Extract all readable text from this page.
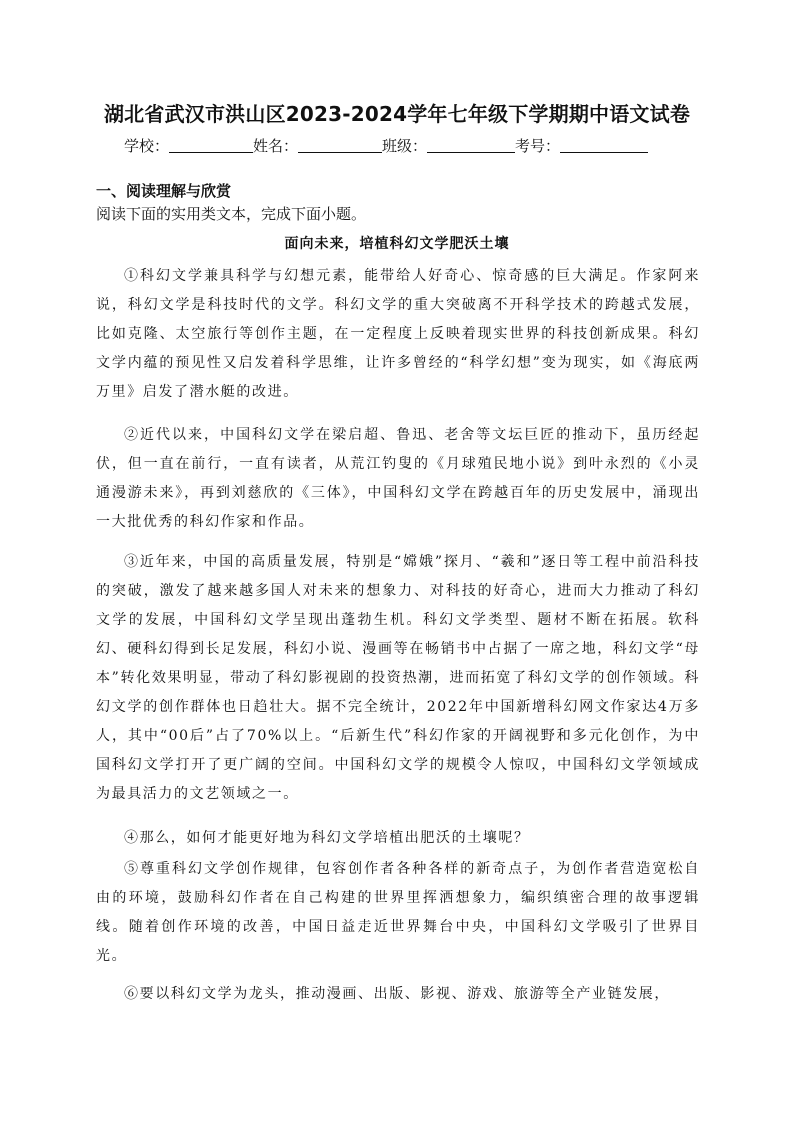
湖北省武汉市洪山区2023-2024学年七年级下学期期中语文试卷
学校：	姓名：	班级：	考号：
一、阅读理解与欣赏
阅读下面的实用类文本，完成下面小题。
面向未来，培植科幻文学肥沃土壤

①科幻文学兼具科学与幻想元素，能带给人好奇心、惊奇感的巨大满足。作家阿来说，科幻文学是科技时代的文学。科幻文学的重大突破离不开科学技术的跨越式发展，比如克隆、太空旅行等创作主题，在一定程度上反映着现实世界的科技创新成果。科幻文学内蕴的预见性又启发着科学思维，让许多曾经的“科学幻想”变为现实，如《海底两万里》启发了潜水艇的改进。

②近代以来，中国科幻文学在梁启超、鲁迅、老舍等文坛巨匠的推动下，虽历经起伏，但一直在前行，一直有读者，从荒江钓叟的《月球殖民地小说》到叶永烈的《小灵通漫游未来》，再到刘慈欣的《三体》，中国科幻文学在跨越百年的历史发展中，涌现出一大批优秀的科幻作家和作品。

③近年来，中国的高质量发展，特别是“嫦娥”探月、“羲和”逐日等工程中前沿科技的突破，激发了越来越多国人对未来的想象力、对科技的好奇心，进而大力推动了科幻文学的发展，中国科幻文学呈现出蓬勃生机。科幻文学类型、题材不断在拓展。软科幻、硬科幻得到长足发展，科幻小说、漫画等在畅销书中占据了一席之地，科幻文学“母本”转化效果明显，带动了科幻影视剧的投资热潮，进而拓宽了科幻文学的创作领域。科幻文学的创作群体也日趋壮大。据不完全统计，2022年中国新增科幻网文作家达4万多人，其中“00后”占了70%以上。“后新生代”科幻作家的开阔视野和多元化创作，为中国科幻文学打开了更广阔的空间。中国科幻文学的规模令人惊叹，中国科幻文学领域成为最具活力的文艺领域之一。

④那么，如何才能更好地为科幻文学培植出肥沃的土壤呢？

⑤尊重科幻文学创作规律，包容创作者各种各样的新奇点子，为创作者营造宽松自由的环境，鼓励科幻作者在自己构建的世界里挥洒想象力，编织缜密合理的故事逻辑线。随着创作环境的改善，中国日益走近世界舞台中央，中国科幻文学吸引了世界目光。

⑥要以科幻文学为龙头，推动漫画、出版、影视、游戏、旅游等全产业链发展，
